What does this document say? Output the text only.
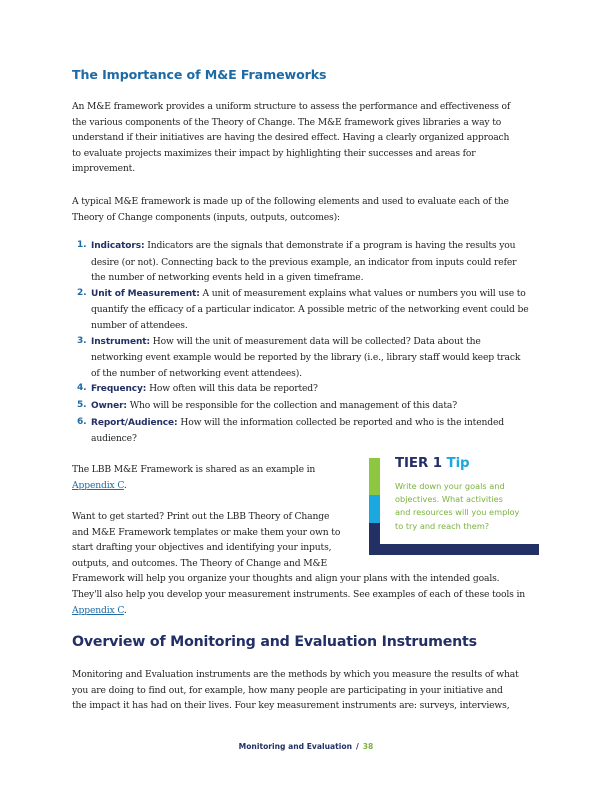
The Importance of M&E Frameworks

An M&E framework provides a uniform structure to assess the performance and effectiveness of
the various components of the Theory of Change. The M&E framework gives libraries a way to
understand if their initiatives are having the desired effect. Having a clearly organized approach
to evaluate projects maximizes their impact by highlighting their successes and areas for
improvement.

A typical M&E framework is made up of the following elements and used to evaluate each of the
Theory of Change components (inputs, outputs, outcomes):

1. Indicators: Indicators are the signals that demonstrate if a program is having the results you
desire (or not). Connecting back to the previous example, an indicator from inputs could refer
the number of networking events held in a given timeframe.
2. Unit of Measurement: A unit of measurement explains what values or numbers you will use to
quantify the efficacy of a particular indicator. A possible metric of the networking event could be
number of attendees.
3. Instrument: How will the unit of measurement data will be collected? Data about the
networking event example would be reported by the library (i.e., library staff would keep track
of the number of networking event attendees).
4. Frequency: How often will this data be reported?
5. Owner: Who will be responsible for the collection and management of this data?
6. Report/Audience: How will the information collected be reported and who is the intended
audience?

The LBB M&E Framework is shared as an example in
Appendix C.

Want to get started? Print out the LBB Theory of Change
and M&E Framework templates or make them your own to
start drafting your objectives and identifying your inputs,
outputs, and outcomes. The Theory of Change and M&E
Framework will help you organize your thoughts and align your plans with the intended goals.
They'll also help you develop your measurement instruments. See examples of each of these tools in
Appendix C.

TIER 1 Tip
Write down your goals and
objectives. What activities
and resources will you employ
to try and reach them?
Overview of Monitoring and Evaluation Instruments

Monitoring and Evaluation instruments are the methods by which you measure the results of what
you are doing to find out, for example, how many people are participating in your initiative and
the impact it has had on their lives. Four key measurement instruments are: surveys, interviews,

Monitoring and Evaluation / 38
